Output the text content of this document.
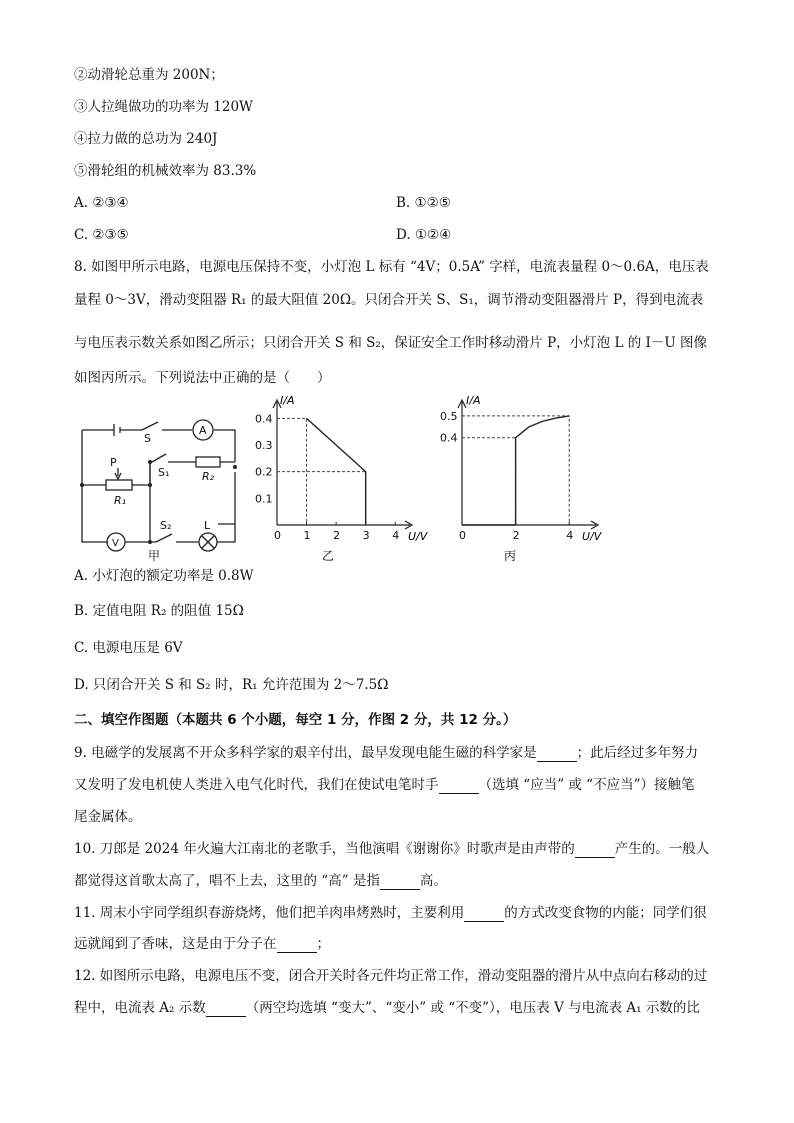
②动滑轮总重为 200N；
③人拉绳做功的功率为 120W
④拉力做的总功为 240J
⑤滑轮组的机械效率为 83.3%
A. ②③④	B. ①②⑤
C. ②③⑤	D. ①②④
8. 如图甲所示电路，电源电压保持不变，小灯泡 L 标有 “4V；0.5A” 字样，电流表量程 0～0.6A，电压表
量程 0～3V，滑动变阻器 R₁ 的最大阻值 20Ω。只闭合开关 S、S₁，调节滑动变阻器滑片 P，得到电流表
与电压表示数关系如图乙所示；只闭合开关 S 和 S₂，保证安全工作时移动滑片 P，小灯泡 L 的 I－U 图像
如图丙所示。下列说法中正确的是（　　）
S
A
P
S₁	R₂
R₁
V
S₂	L
甲
0 1 2 3 4
0.1
0.2
0.3
0.4
I/A
U/V
乙
0	2	4
0.4
0.5
I/A
U/V
丙
A. 小灯泡的额定功率是 0.8W
B. 定值电阻 R₂ 的阻值 15Ω
C. 电源电压是 6V
D. 只闭合开关 S 和 S₂ 时，R₁ 允许范围为 2～7.5Ω
二、填空作图题（本题共 6 个小题，每空 1 分，作图 2 分，共 12 分。）
9. 电磁学的发展离不开众多科学家的艰辛付出，最早发现电能生磁的科学家是	；此后经过多年努力
又发明了发电机使人类进入电气化时代，我们在使试电笔时手	（选填 “应当” 或 “不应当”）接触笔
尾金属体。
10. 刀郎是 2024 年火遍大江南北的老歌手，当他演唱《谢谢你》时歌声是由声带的	产生的。一般人
都觉得这首歌太高了，唱不上去，这里的 “高” 是指	高。
11. 周末小宇同学组织春游烧烤，他们把羊肉串烤熟时，主要利用	的方式改变食物的内能；同学们很
远就闻到了香味，这是由于分子在	；
12. 如图所示电路，电源电压不变，闭合开关时各元件均正常工作，滑动变阻器的滑片从中点向右移动的过
程中，电流表 A₂ 示数	（两空均选填 “变大”、“变小” 或 “不变”），电压表 V 与电流表 A₁ 示数的比
